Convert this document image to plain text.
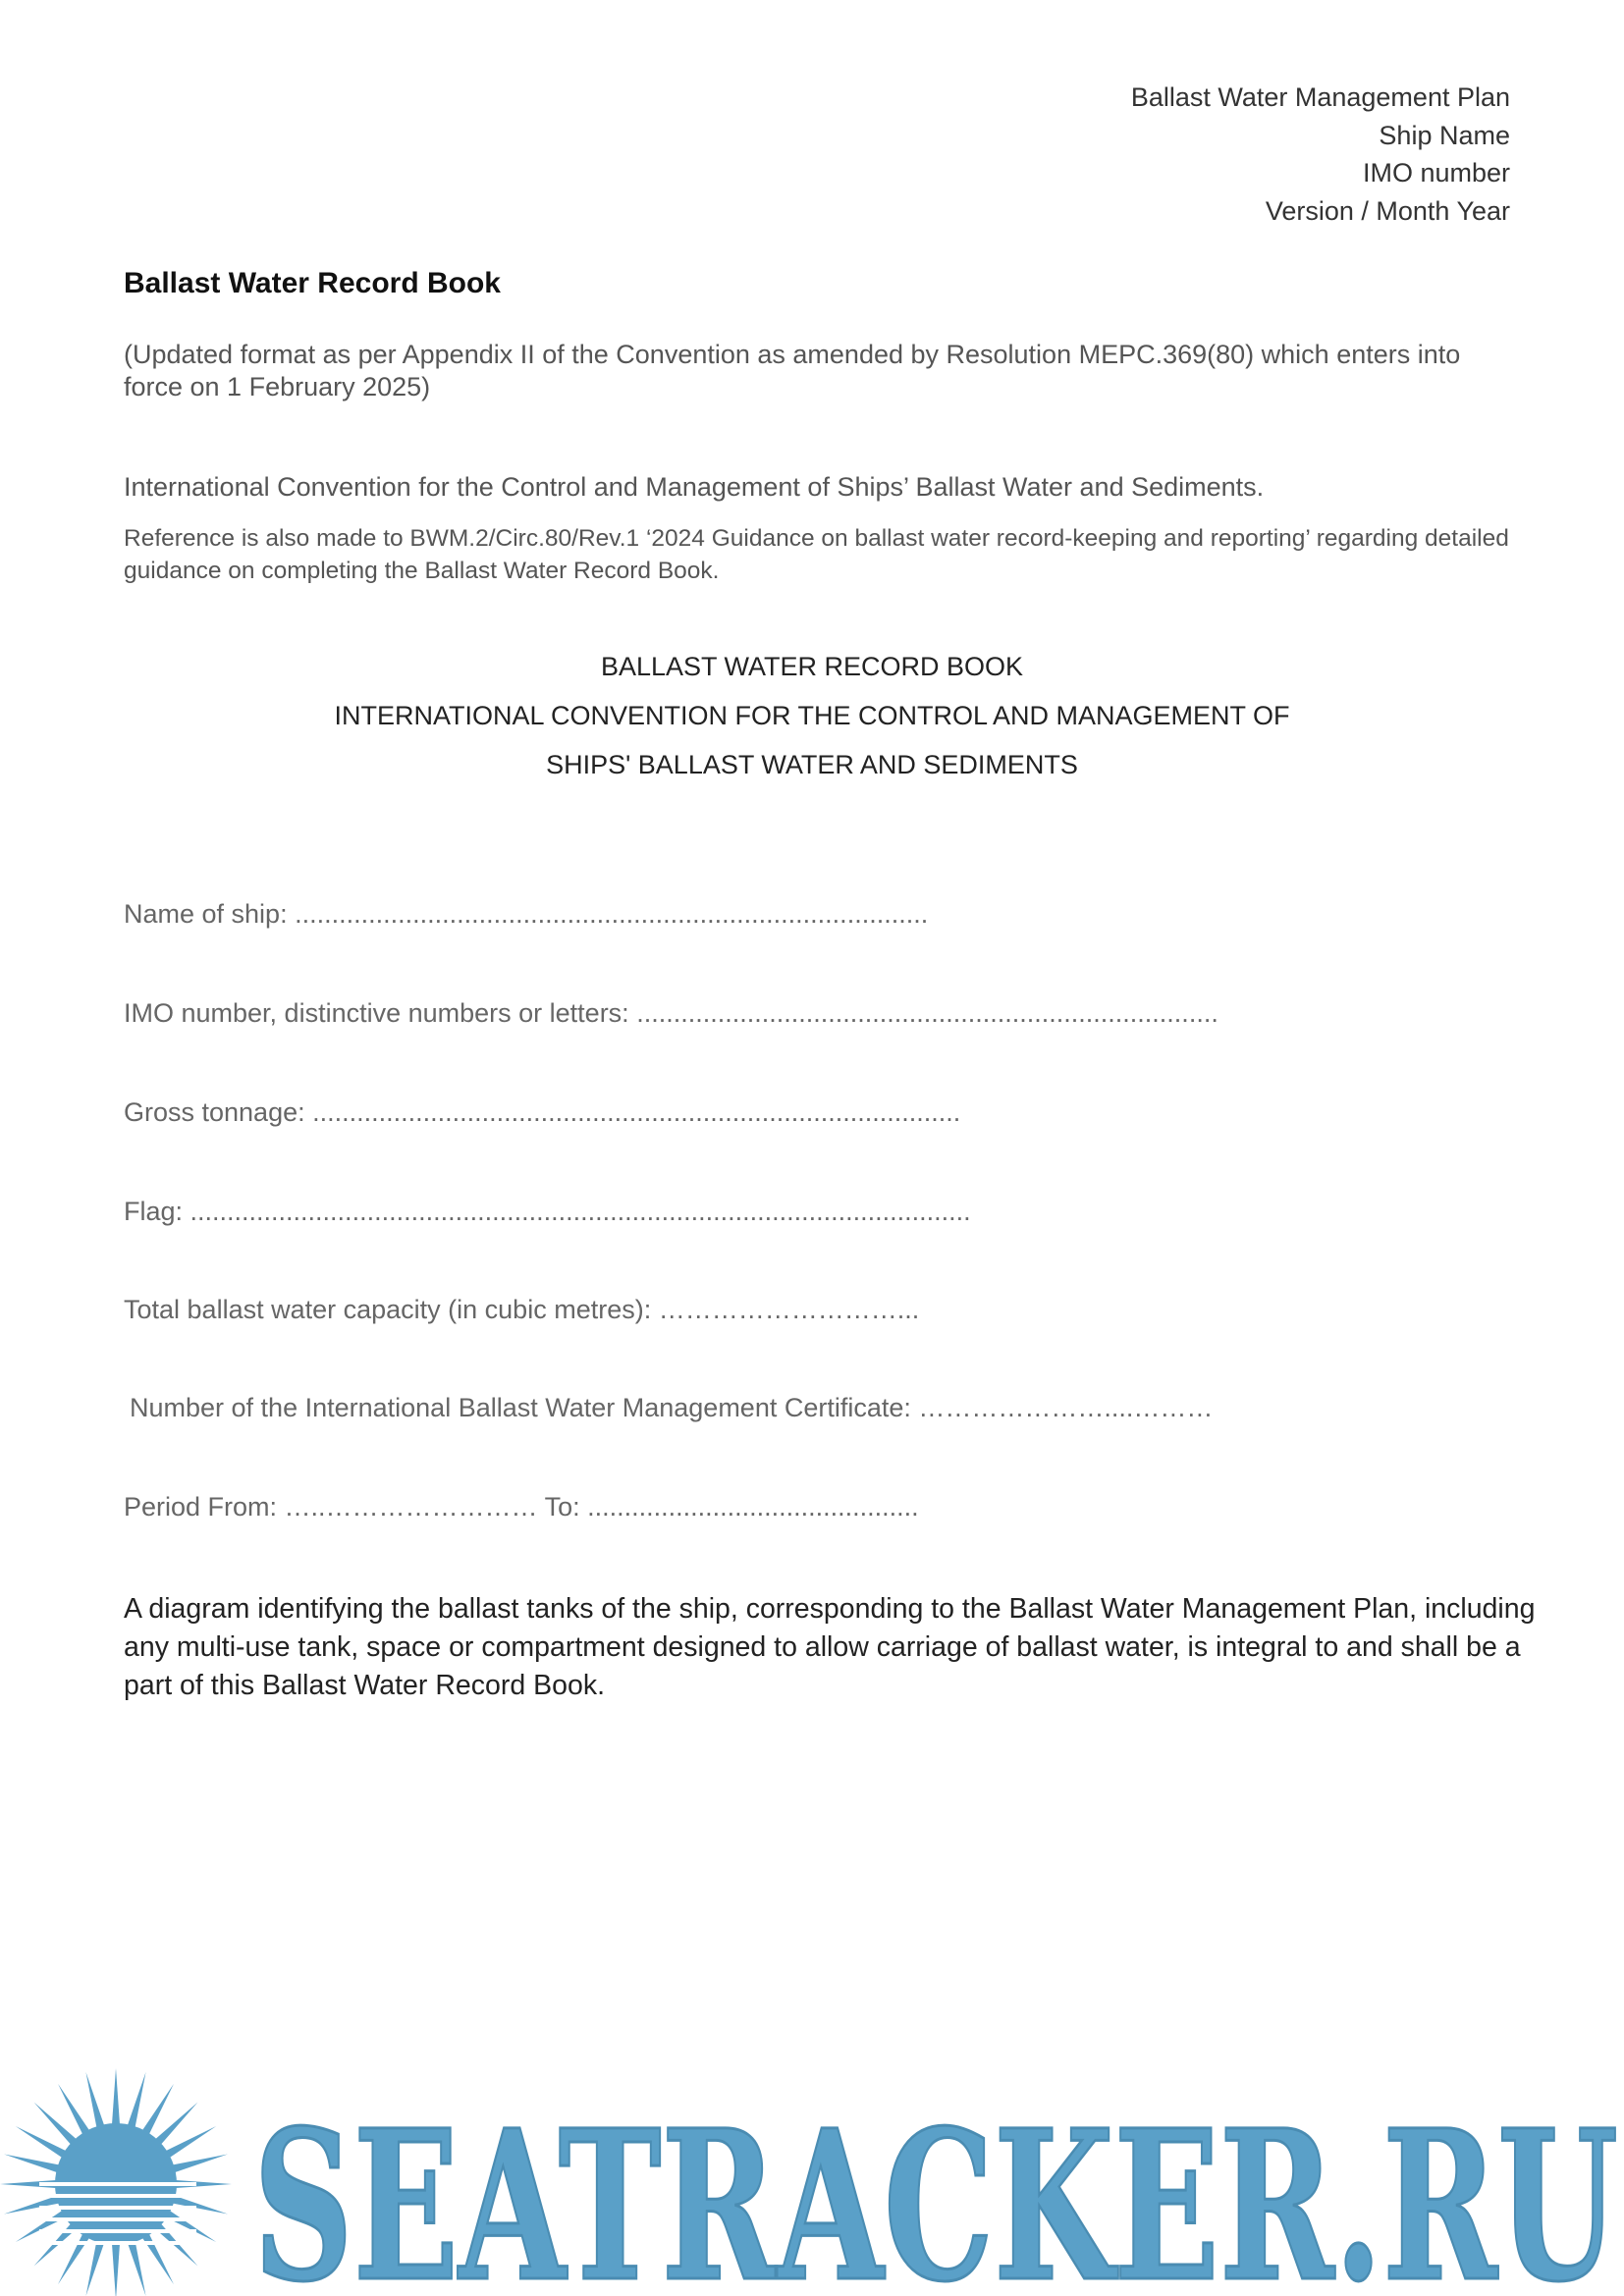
Ballast Water Management Plan
Ship Name
IMO number
Version / Month Year
Ballast Water Record Book
(Updated format as per Appendix II of the Convention as amended by Resolution MEPC.369(80) which enters into force on 1 February 2025)
International Convention for the Control and Management of Ships’ Ballast Water and Sediments.
Reference is also made to BWM.2/Circ.80/Rev.1 ‘2024 Guidance on ballast water record-keeping and reporting’ regarding detailed guidance on completing the Ballast Water Record Book.
BALLAST WATER RECORD BOOK
INTERNATIONAL CONVENTION FOR THE CONTROL AND MANAGEMENT OF
SHIPS' BALLAST WATER AND SEDIMENTS
Name of ship: ......................................................................................
IMO number, distinctive numbers or letters: ...............................................................................
Gross tonnage: ........................................................................................
Flag: ..........................................................................................................
Total ballast water capacity (in cubic metres): ………………………...
Number of the International Ballast Water Management Certificate: …………………....………
Period From: …..…………………… To: .............................................
A diagram identifying the ballast tanks of the ship, corresponding to the Ballast Water Management Plan, including any multi-use tank, space or compartment designed to allow carriage of ballast water, is integral to and shall be a part of this Ballast Water Record Book.
SEATRACKER.RU
